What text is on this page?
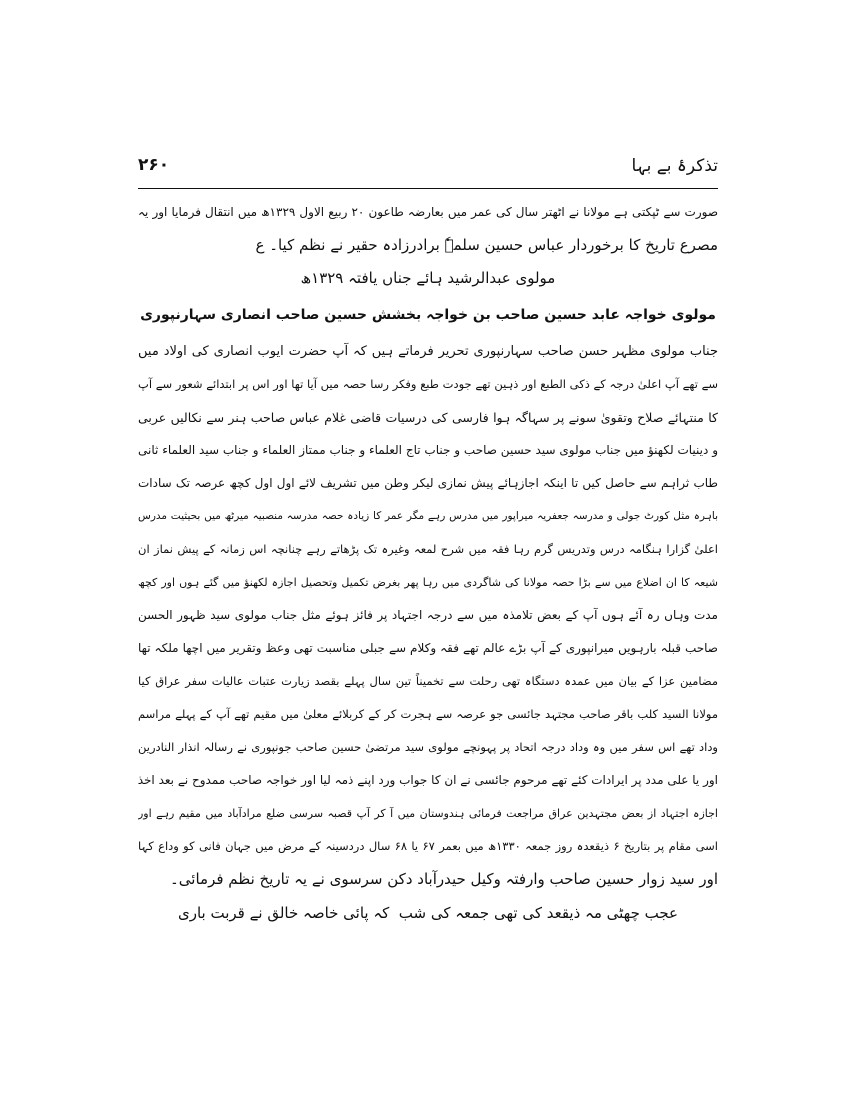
تذکرۂ بے بہا
۲۶۰
صورت سے ٹپکتی ہے مولانا نے اٹھتر سال کی عمر میں بعارضہ طاعون ۲۰ ربیع الاول ۱۳۲۹ھ میں انتقال فرمایا اور یہ
مصرع تاریخ کا برخوردار عباس حسین سلمہٗ برادرزادہ حقیر نے نظم کیا۔ ع
مولوی عبدالرشید ہائے جناں یافتہ ۱۳۲۹ھ
مولوی خواجہ عابد حسین صاحب بن خواجہ بخشش حسین صاحب انصاری سہارنپوری
جناب مولوی مظہر حسن صاحب سہارنپوری تحریر فرماتے ہیں کہ آپ حضرت ایوب انصاری کی اولاد میں
سے تھے آپ اعلیٰ درجہ کے ذکی الطبع اور ذہین تھے جودت طبع وفکر رسا حصہ میں آیا تھا اور اس پر ابتدائے شعور سے آپ
کا منتہائے صلاح وتقویٰ سونے پر سہاگہ ہوا فارسی کی درسیات قاضی غلام عباس صاحب ہنر سے نکالیں عربی
و دینیات لکھنؤ میں جناب مولوی سید حسین صاحب و جناب تاج العلماء و جناب ممتاز العلماء و جناب سید العلماء ثانی
طاب ثراہم سے حاصل کیں تا اینکہ اجازہائے پیش نمازی لیکر وطن میں تشریف لائے اول اول کچھ عرصہ تک سادات
باہرہ مثل کورٹ جولی و مدرسہ جعفریہ میراپور میں مدرس رہے مگر عمر کا زیادہ حصہ مدرسہ منصبیہ میرٹھ میں بحیثیت مدرس
اعلیٰ گزارا ہنگامہ درس وتدریس گرم رہا فقہ میں شرح لمعہ وغیرہ تک پڑھاتے رہے چنانچہ اس زمانہ کے پیش نماز ان
شیعہ کا ان اضلاع میں سے بڑا حصہ مولانا کی شاگردی میں رہا پھر بغرض تکمیل وتحصیل اجازہ لکھنؤ میں گئے ہوں اور کچھ
مدت وہاں رہ آئے ہوں آپ کے بعض تلامذہ میں سے درجہ اجتہاد پر فائز ہوئے مثل جناب مولوی سید ظہور الحسن
صاحب قبلہ بارہویں میرانپوری کے آپ بڑے عالم تھے فقہ وکلام سے جبلی مناسبت تھی وعظ وتقریر میں اچھا ملکہ تھا
مضامین عزا کے بیان میں عمدہ دستگاہ تھی رحلت سے تخمیناً تین سال پہلے بقصد زیارت عتبات عالیات سفر عراق کیا
مولانا السید کلب باقر صاحب مجتہد جائسی جو عرصہ سے ہجرت کر کے کربلائے معلیٰ میں مقیم تھے آپ کے پہلے مراسم
وداد تھے اس سفر میں وہ وداد درجہ اتحاد پر پہونچے مولوی سید مرتضیٰ حسین صاحب جونپوری نے رسالہ انذار النادرین
اور یا علی مدد پر ایرادات کئے تھے مرحوم جائسی نے ان کا جواب ورد اپنے ذمہ لیا اور خواجہ صاحب ممدوح نے بعد اخذ
اجازہ اجتہاد از بعض مجتہدین عراق مراجعت فرمائی ہندوستان میں آ کر آپ قصبہ سرسی ضلع مرادآباد میں مقیم رہے اور
اسی مقام پر بتاریخ ۶ ذیقعدہ روز جمعہ ۱۳۳۰ھ میں بعمر ۶۷ یا ۶۸ سال دردسینہ کے مرض میں جہان فانی کو وداع کہا
اور سید زوار حسین صاحب وارفتہ وکیل حیدرآباد دکن سرسوی نے یہ تاریخ نظم فرمائی۔
عجب چھٹی مہ ذیقعد کی تھی جمعہ کی شب
کہ پائی خاصہ خالق نے قربت باری
